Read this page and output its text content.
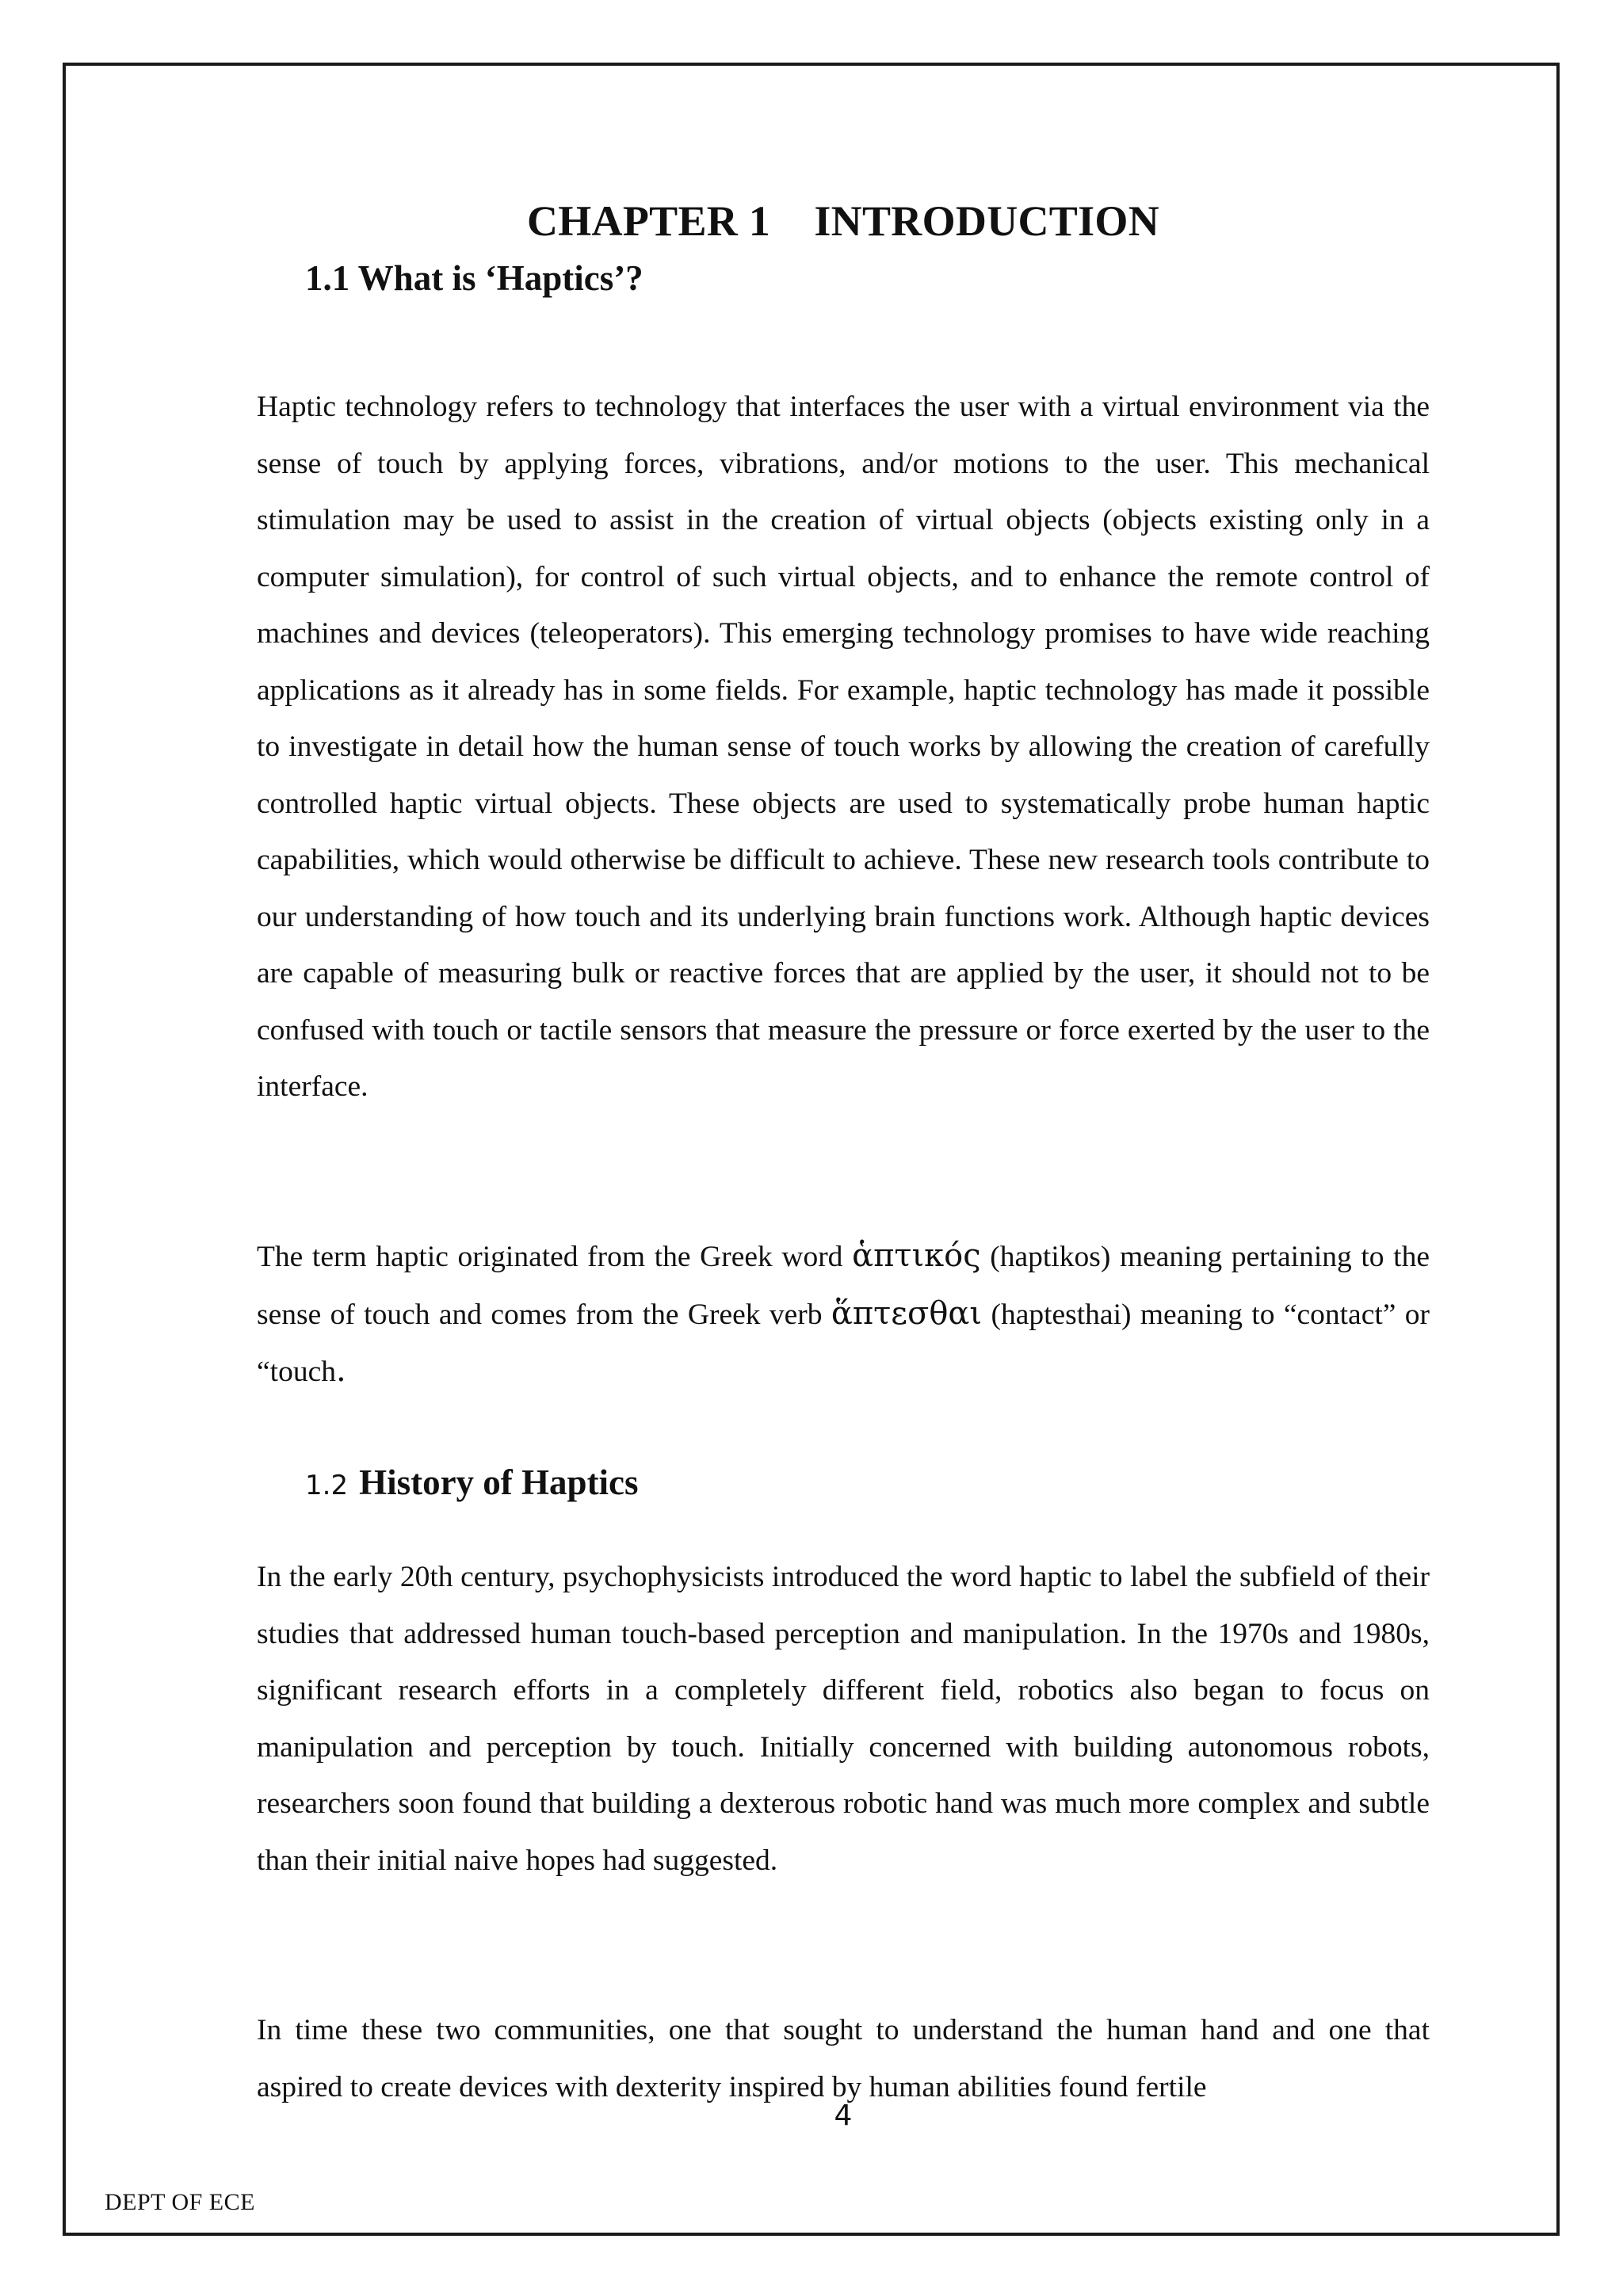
CHAPTER 1    INTRODUCTION
1.1 What is ‘Haptics’?

Haptic technology refers to technology that interfaces the user with a virtual environment via the sense of touch by applying forces, vibrations, and/or motions to the user. This mechanical stimulation may be used to assist in the creation of virtual objects (objects existing only in a computer simulation), for control of such virtual objects, and to enhance the remote control of machines and devices (teleoperators). This emerging technology promises to have wide reaching applications as it already has in some fields. For example, haptic technology has made it possible to investigate in detail how the human sense of touch works by allowing the creation of carefully controlled haptic virtual objects. These objects are used to systematically probe human haptic capabilities, which would otherwise be difficult to achieve. These new research tools contribute to our understanding of how touch and its underlying brain functions work. Although haptic devices are capable of measuring bulk or reactive forces that are applied by the user, it should not to be confused with touch or tactile sensors that measure the pressure or force exerted by the user to the interface.

The term haptic originated from the Greek word ἁπτικός (haptikos) meaning pertaining to the sense of touch and comes from the Greek verb ἅπτεσθαι (haptesthai) meaning to “contact” or “touch.

1.2 History of Haptics

In the early 20th century, psychophysicists introduced the word haptic to label the subfield of their studies that addressed human touch-based perception and manipulation. In the 1970s and 1980s, significant research efforts in a completely different field, robotics also began to focus on manipulation and perception by touch. Initially concerned with building autonomous robots, researchers soon found that building a dexterous robotic hand was much more complex and subtle than their initial naive hopes had suggested.

In time these two communities, one that sought to understand the human hand and one that aspired to create devices with dexterity inspired by human abilities found fertile

4
DEPT OF ECE
